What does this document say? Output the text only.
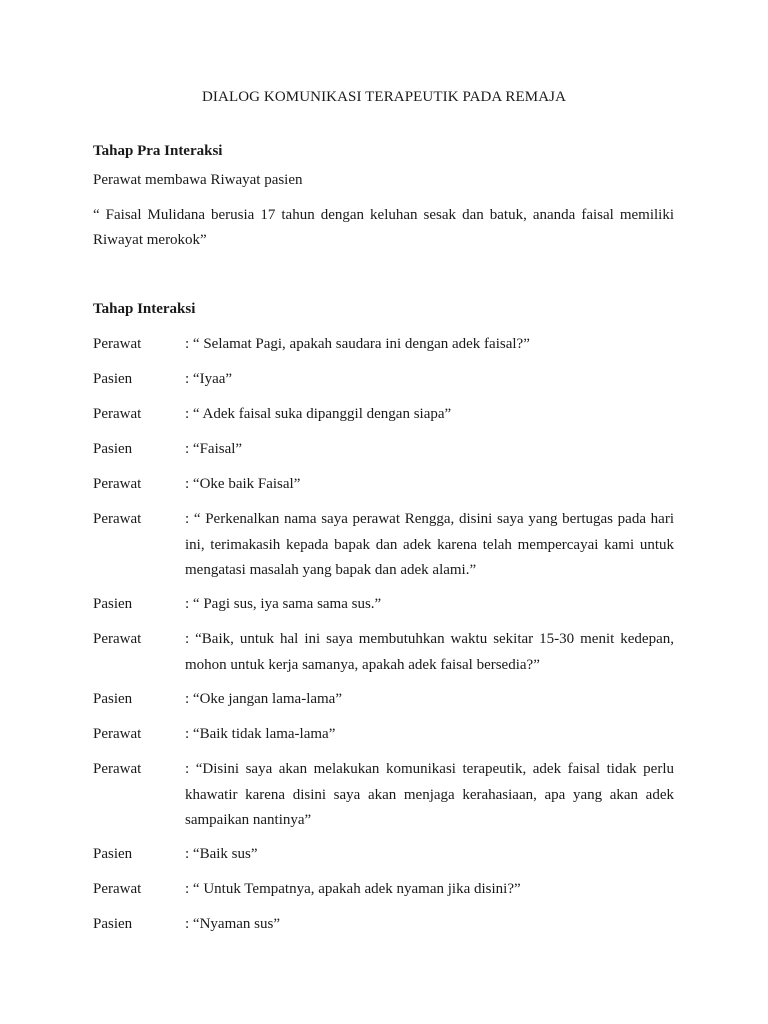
DIALOG KOMUNIKASI TERAPEUTIK PADA REMAJA
Tahap Pra Interaksi

Perawat membawa Riwayat pasien

“ Faisal Mulidana berusia 17 tahun dengan keluhan sesak dan batuk, ananda faisal memiliki Riwayat merokok”

Tahap Interaksi
Perawat	: “ Selamat Pagi, apakah saudara ini dengan adek faisal?”
Pasien	: “Iyaa”
Perawat	: “ Adek faisal suka dipanggil dengan siapa”
Pasien	: “Faisal”
Perawat	: “Oke baik Faisal”
Perawat	: “ Perkenalkan nama saya perawat Rengga, disini saya yang bertugas pada hari ini, terimakasih kepada bapak dan adek karena telah mempercayai kami untuk mengatasi masalah yang bapak dan adek alami.”
Pasien	: “ Pagi sus, iya sama sama sus.”
Perawat	: “Baik, untuk hal ini saya membutuhkan waktu sekitar 15-30 menit kedepan, mohon untuk kerja samanya, apakah adek faisal bersedia?”
Pasien	: “Oke jangan lama-lama”
Perawat	: “Baik tidak lama-lama”
Perawat	: “Disini saya akan melakukan komunikasi terapeutik, adek faisal tidak perlu khawatir karena disini saya akan menjaga kerahasiaan, apa yang akan adek sampaikan nantinya”
Pasien	: “Baik sus”
Perawat	: “ Untuk Tempatnya, apakah adek nyaman jika disini?”
Pasien	: “Nyaman sus”
